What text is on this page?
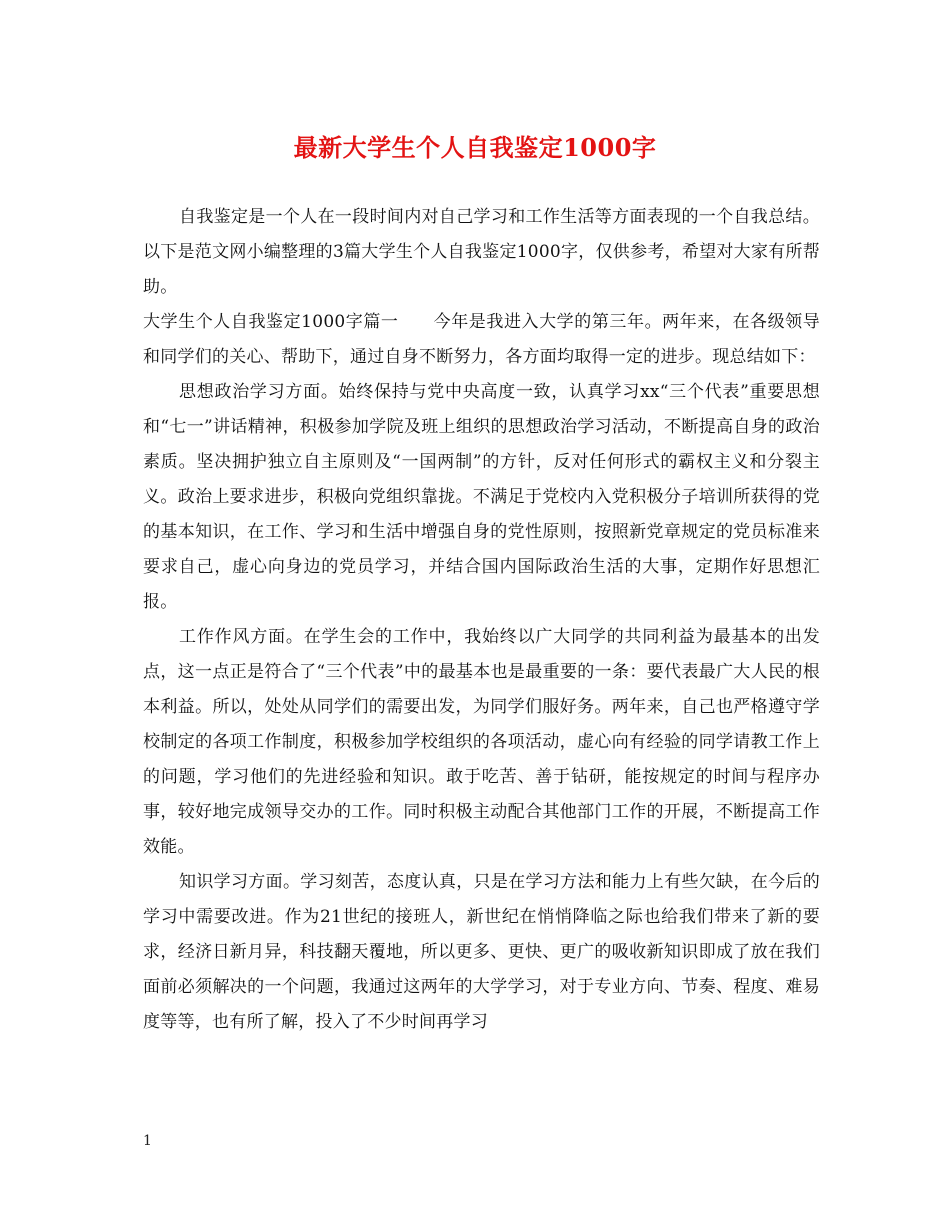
最新大学生个人自我鉴定1000字

自我鉴定是一个人在一段时间内对自己学习和工作生活等方面表现的一个自我总结。以下是范文网小编整理的3篇大学生个人自我鉴定1000字，仅供参考，希望对大家有所帮助。

大学生个人自我鉴定1000字篇一　　今年是我进入大学的第三年。两年来，在各级领导和同学们的关心、帮助下，通过自身不断努力，各方面均取得一定的进步。现总结如下：

思想政治学习方面。始终保持与党中央高度一致，认真学习xx“三个代表”重要思想和“七一”讲话精神，积极参加学院及班上组织的思想政治学习活动，不断提高自身的政治素质。坚决拥护独立自主原则及“一国两制”的方针，反对任何形式的霸权主义和分裂主义。政治上要求进步，积极向党组织靠拢。不满足于党校内入党积极分子培训所获得的党的基本知识，在工作、学习和生活中增强自身的党性原则，按照新党章规定的党员标准来要求自己，虚心向身边的党员学习，并结合国内国际政治生活的大事，定期作好思想汇报。

工作作风方面。在学生会的工作中，我始终以广大同学的共同利益为最基本的出发点，这一点正是符合了“三个代表”中的最基本也是最重要的一条：要代表最广大人民的根本利益。所以，处处从同学们的需要出发，为同学们服好务。两年来，自己也严格遵守学校制定的各项工作制度，积极参加学校组织的各项活动，虚心向有经验的同学请教工作上的问题，学习他们的先进经验和知识。敢于吃苦、善于钻研，能按规定的时间与程序办事，较好地完成领导交办的工作。同时积极主动配合其他部门工作的开展，不断提高工作效能。

知识学习方面。学习刻苦，态度认真，只是在学习方法和能力上有些欠缺，在今后的学习中需要改进。作为21世纪的接班人，新世纪在悄悄降临之际也给我们带来了新的要求，经济日新月异，科技翻天覆地，所以更多、更快、更广的吸收新知识即成了放在我们面前必须解决的一个问题，我通过这两年的大学学习，对于专业方向、节奏、程度、难易度等等，也有所了解，投入了不少时间再学习

1
